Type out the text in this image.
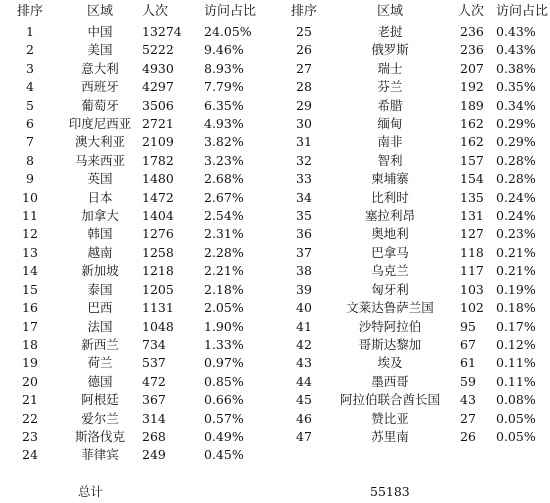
排序	区域	人次	访问占比
1	中国	13274	24.05%
2	美国	5222	9.46%
3	意大利	4930	8.93%
4	西班牙	4297	7.79%
5	葡萄牙	3506	6.35%
6	印度尼西亚	2721	4.93%
7	澳大利亚	2109	3.82%
8	马来西亚	1782	3.23%
9	英国	1480	2.68%
10	日本	1472	2.67%
11	加拿大	1404	2.54%
12	韩国	1276	2.31%
13	越南	1258	2.28%
14	新加坡	1218	2.21%
15	泰国	1205	2.18%
16	巴西	1131	2.05%
17	法国	1048	1.90%
18	新西兰	734	1.33%
19	荷兰	537	0.97%
20	德国	472	0.85%
21	阿根廷	367	0.66%
22	爱尔兰	314	0.57%
23	斯洛伐克	268	0.49%
24	菲律宾	249	0.45%
排序	区域	人次	访问占比
25	老挝	236	0.43%
26	俄罗斯	236	0.43%
27	瑞士	207	0.38%
28	芬兰	192	0.35%
29	希腊	189	0.34%
30	缅甸	162	0.29%
31	南非	162	0.29%
32	智利	157	0.28%
33	柬埔寨	154	0.28%
34	比利时	135	0.24%
35	塞拉利昂	131	0.24%
36	奥地利	127	0.23%
37	巴拿马	118	0.21%
38	乌克兰	117	0.21%
39	匈牙利	103	0.19%
40	文莱达鲁萨兰国	102	0.18%
41	沙特阿拉伯	95	0.17%
42	哥斯达黎加	67	0.12%
43	埃及	61	0.11%
44	墨西哥	59	0.11%
45	阿拉伯联合酋长国	43	0.08%
46	赞比亚	27	0.05%
47	苏里南	26	0.05%
总计	55183
